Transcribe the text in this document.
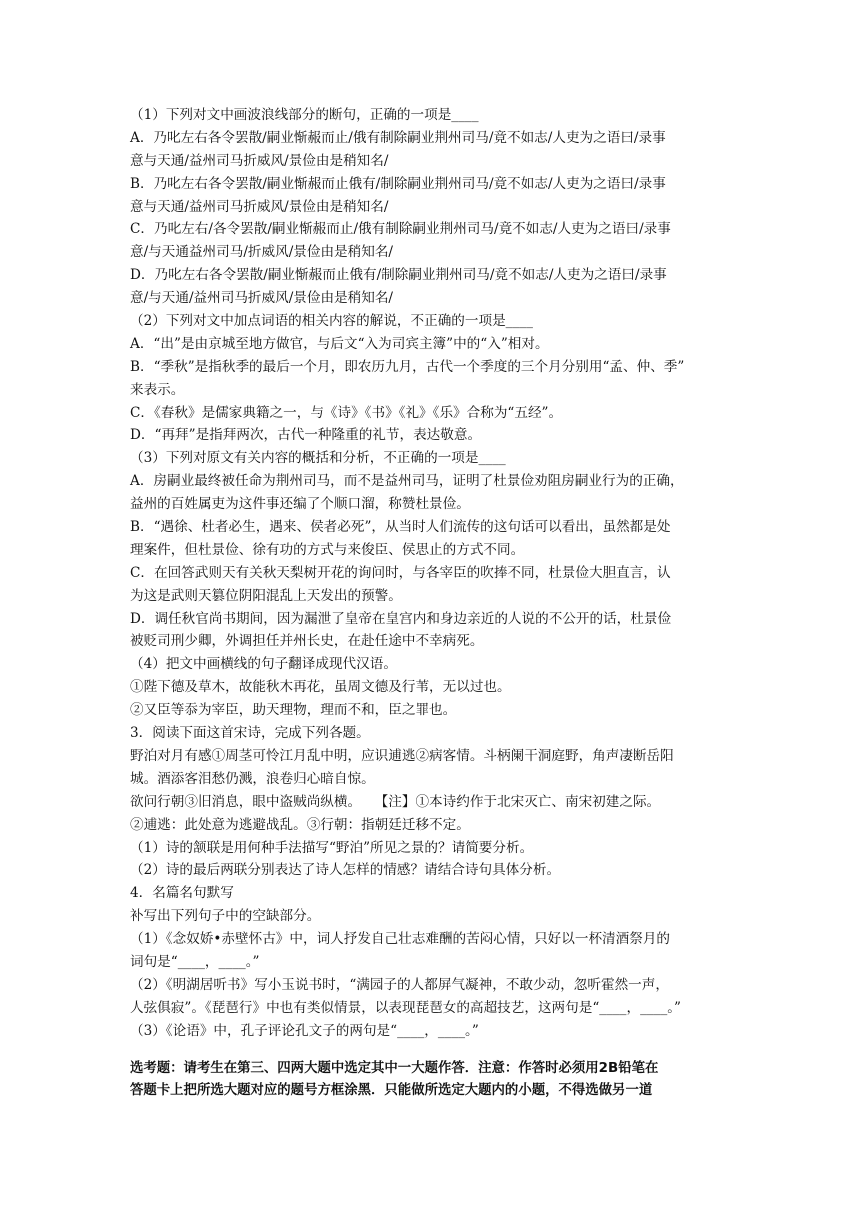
（1）下列对文中画波浪线部分的断句，正确的一项是____
A．乃叱左右各令罢散/嗣业惭赧而止/俄有制除嗣业荆州司马/竟不如志/人吏为之语曰/录事
意与天通/益州司马折威风/景俭由是稍知名/
B．乃叱左右各令罢散/嗣业惭赧而止俄有/制除嗣业荆州司马/竟不如志/人吏为之语曰/录事
意与天通/益州司马折威风/景俭由是稍知名/
C．乃叱左右/各令罢散/嗣业惭赧而止/俄有制除嗣业荆州司马/竟不如志/人吏为之语曰/录事
意/与天通益州司马/折威风/景俭由是稍知名/
D．乃叱左右各令罢散/嗣业惭赧而止俄有/制除嗣业荆州司马/竟不如志/人吏为之语曰/录事
意/与天通/益州司马折威风/景俭由是稍知名/
（2）下列对文中加点词语的相关内容的解说，不正确的一项是____
A．“出”是由京城至地方做官，与后文“入为司宾主簿”中的“入”相对。
B．“季秋”是指秋季的最后一个月，即农历九月，古代一个季度的三个月分别用“孟、仲、季”
来表示。
C．《春秋》是儒家典籍之一，与《诗》《书》《礼》《乐》合称为“五经”。
D．“再拜”是指拜两次，古代一种隆重的礼节，表达敬意。
（3）下列对原文有关内容的概括和分析，不正确的一项是____
A．房嗣业最终被任命为荆州司马，而不是益州司马，证明了杜景俭劝阻房嗣业行为的正确，
益州的百姓属吏为这件事还编了个顺口溜，称赞杜景俭。
B．“遇徐、杜者必生，遇来、侯者必死”，从当时人们流传的这句话可以看出，虽然都是处
理案件，但杜景俭、徐有功的方式与来俊臣、侯思止的方式不同。
C．在回答武则天有关秋天梨树开花的询问时，与各宰臣的吹捧不同，杜景俭大胆直言，认
为这是武则天篡位阴阳混乱上天发出的预警。
D．调任秋官尚书期间，因为漏泄了皇帝在皇宫内和身边亲近的人说的不公开的话，杜景俭
被贬司刑少卿，外调担任并州长史，在赴任途中不幸病死。
（4）把文中画横线的句子翻译成现代汉语。
①陛下德及草木，故能秋木再花，虽周文德及行苇，无以过也。
②又臣等忝为宰臣，助天理物，理而不和，臣之罪也。
3．阅读下面这首宋诗，完成下列各题。
野泊对月有感①周茎可怜江月乱中明，应识逋逃②病客情。斗柄阑干洞庭野，角声凄断岳阳
城。酒添客泪愁仍溅，浪卷归心暗自惊。
欲问行朝③旧消息，眼中盗贼尚纵横。　　【注】①本诗约作于北宋灭亡、南宋初建之际。
②逋逃：此处意为逃避战乱。③行朝：指朝廷迁移不定。
（1）诗的颔联是用何种手法描写“野泊”所见之景的？请简要分析。
（2）诗的最后两联分别表达了诗人怎样的情感？请结合诗句具体分析。
4．名篇名句默写
补写出下列句子中的空缺部分。
（1）《念奴娇•赤壁怀古》中，词人抒发自己壮志难酬的苦闷心情，只好以一杯清酒祭月的
词句是“____，____。”
（2）《明湖居听书》写小玉说书时，“满园子的人都屏气凝神，不敢少动，忽听霍然一声，
人弦俱寂”。《琵琶行》中也有类似情景，以表现琵琶女的高超技艺，这两句是“____，____。”
（3）《论语》中，孔子评论孔文子的两句是“____，____。”
选考题：请考生在第三、四两大题中选定其中一大题作答．注意：作答时必须用2B铅笔在
答题卡上把所选大题对应的题号方框涂黑．只能做所选定大题内的小题，不得选做另一道
